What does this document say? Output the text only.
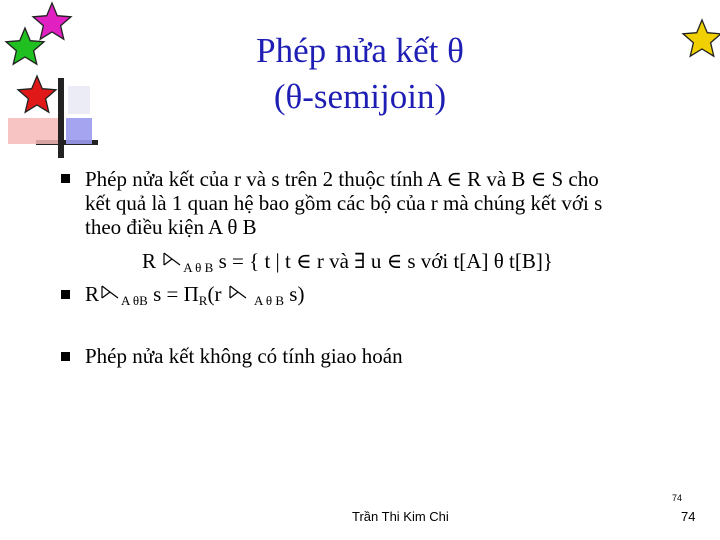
Phép nửa kết θ
(θ-semijoin)
Phép nửa kết của r và s trên 2 thuộc tính A ∈ R và B ∈ S cho
kết quả là 1 quan hệ bao gồm các bộ của r mà chúng kết với s
theo điều kiện A θ B
R $_{A \theta B}$ s = { t | t ∈ r và ∃ u ∈ s với t[A] θ t[B]}
R $_{A \theta B}$ $s = \Pi_R(r$	$_{A \theta B}$ s)
Phép nửa kết không có tính giao hoán
Trần Thi Kim Chi
74
74
